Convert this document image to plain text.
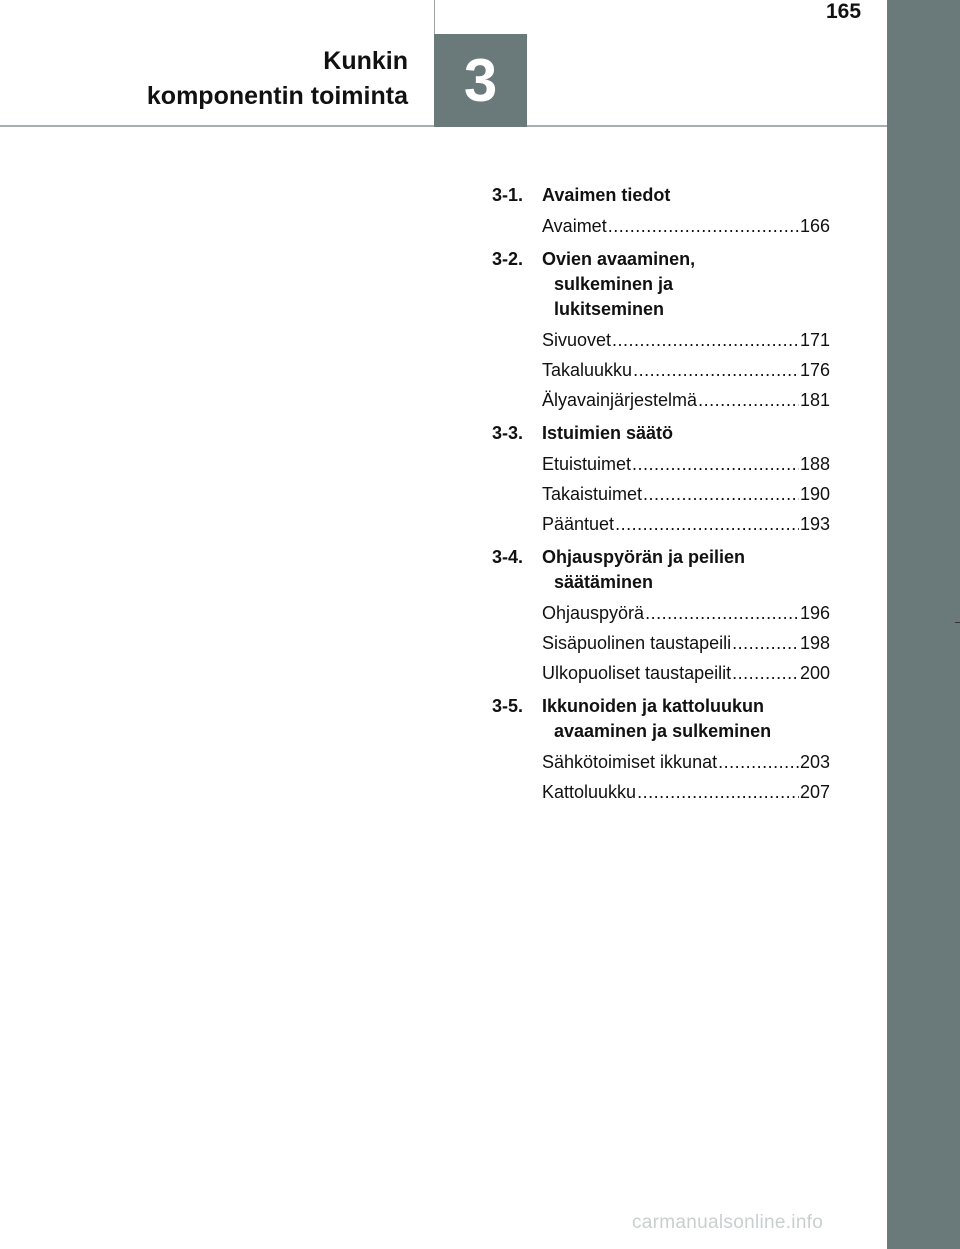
165
Kunkin
komponentin toiminta 3
3-1. Avaimen tiedot
Avaimet .....	166
3-2. Ovien avaaminen, sulkeminen ja lukitseminen
Sivuovet .....	171
Takaluukku .....	176
Älyavainjärjestelmä .....	181
3-3. Istuimien säätö
Etuistuimet .....	188
Takaistuimet .....	190
Pääntuet .....	193
3-4. Ohjauspyörän ja peilien säätäminen
Ohjauspyörä .....	196
Sisäpuolinen taustapeili .....	198
Ulkopuoliset taustapeilit .....	200
3-5. Ikkunoiden ja kattoluukun avaaminen ja sulkeminen
Sähkötoimiset ikkunat .....	203
Kattoluukku .....	207
carmanualsonline.info
